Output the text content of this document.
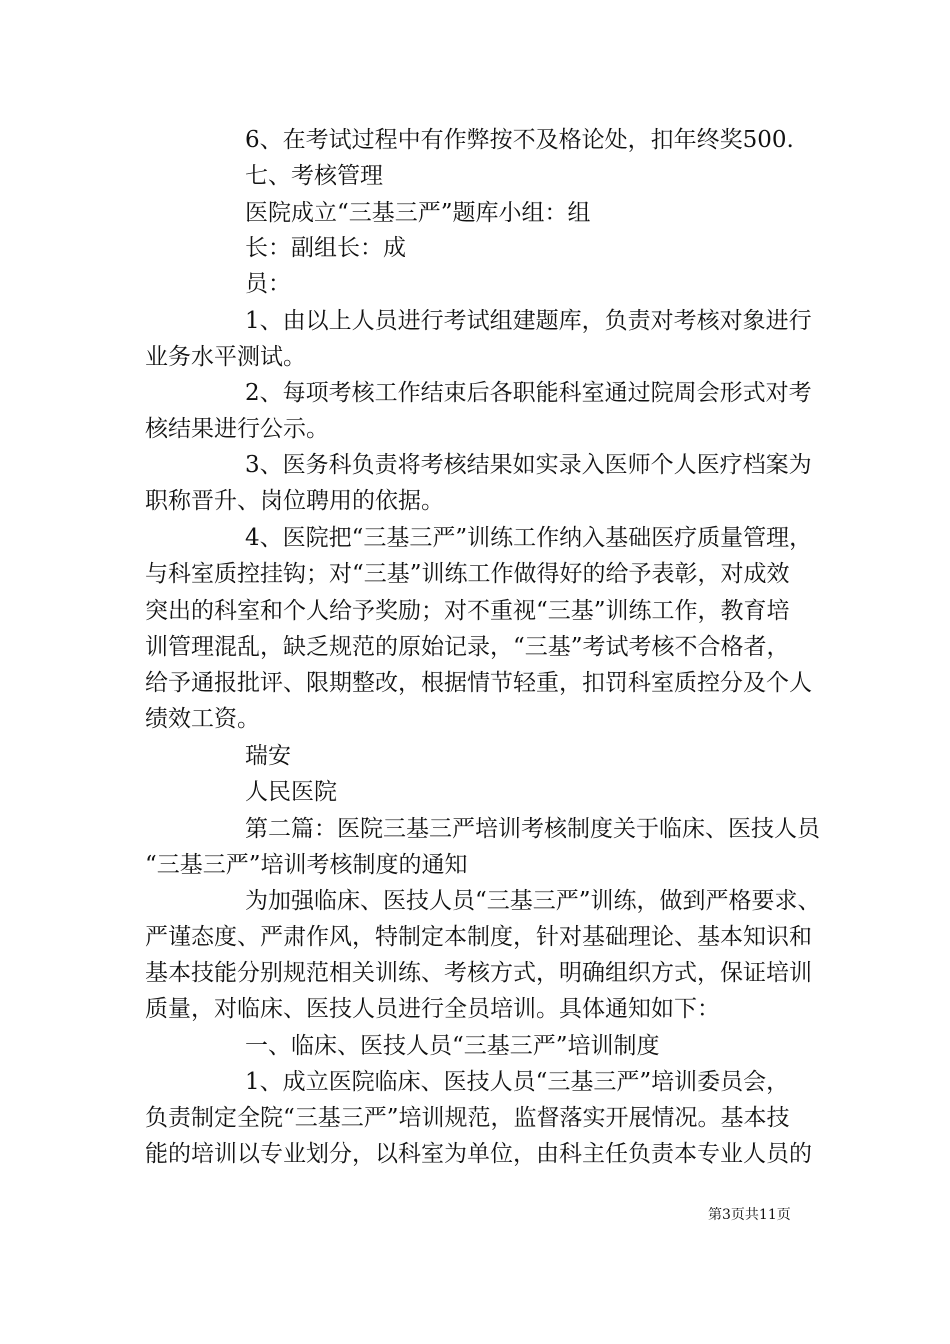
6、在考试过程中有作弊按不及格论处，扣年终奖500.
七、考核管理
医院成立“三基三严”题库小组：组
长：副组长：成
员：
1、由以上人员进行考试组建题库，负责对考核对象进行
业务水平测试。
2、每项考核工作结束后各职能科室通过院周会形式对考
核结果进行公示。
3、医务科负责将考核结果如实录入医师个人医疗档案为
职称晋升、岗位聘用的依据。
4、医院把“三基三严”训练工作纳入基础医疗质量管理，
与科室质控挂钩；对“三基”训练工作做得好的给予表彰，对成效
突出的科室和个人给予奖励；对不重视“三基”训练工作，教育培
训管理混乱，缺乏规范的原始记录，“三基”考试考核不合格者，
给予通报批评、限期整改，根据情节轻重，扣罚科室质控分及个人
绩效工资。
瑞安
人民医院
第二篇：医院三基三严培训考核制度关于临床、医技人员
“三基三严”培训考核制度的通知
为加强临床、医技人员“三基三严”训练，做到严格要求、
严谨态度、严肃作风，特制定本制度，针对基础理论、基本知识和
基本技能分别规范相关训练、考核方式，明确组织方式，保证培训
质量，对临床、医技人员进行全员培训。具体通知如下：
一、临床、医技人员“三基三严”培训制度
1、成立医院临床、医技人员“三基三严”培训委员会，
负责制定全院“三基三严”培训规范，监督落实开展情况。基本技
能的培训以专业划分，以科室为单位，由科主任负责本专业人员的
第3页共11页
